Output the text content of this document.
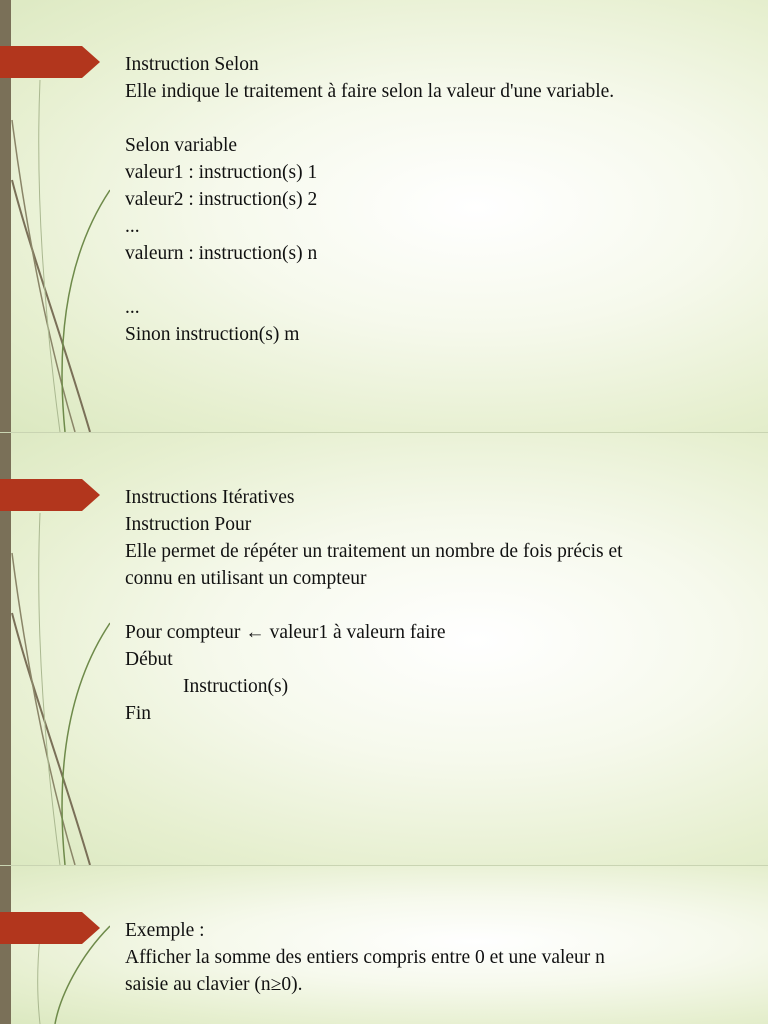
Instruction Selon
Elle indique le traitement à faire selon la valeur d'une variable.
Selon variable
valeur1 : instruction(s) 1
valeur2 : instruction(s) 2
...
valeurn : instruction(s) n
...
Sinon instruction(s) m
Instructions Itératives
Instruction Pour
Elle permet de répéter un traitement un nombre de fois précis et
connu en utilisant un compteur
Pour compteur ← valeur1 à valeurn faire
Début
Instruction(s)
Fin
Exemple :
Afficher la somme des entiers compris entre 0 et une valeur n
saisie au clavier (n≥0).
